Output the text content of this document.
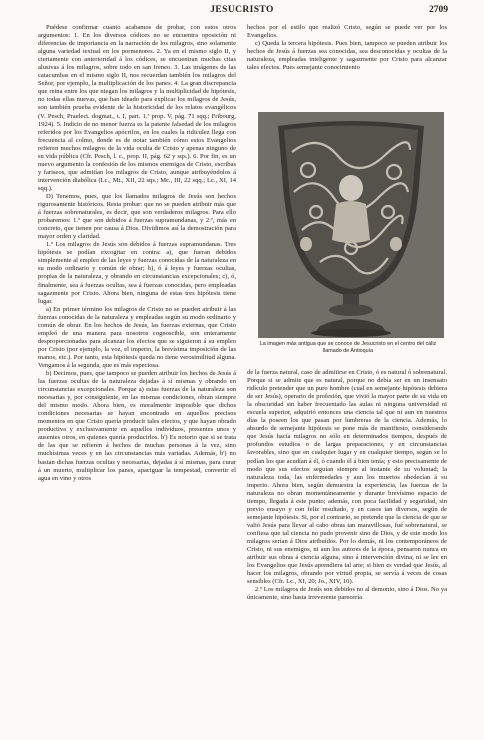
JESUCRISTO	2709

Puédese confirmar cuanto acabamos de probar, con estos otros argumentos: 1. En los diversos códices no se encuentra oposición ni diferencias de importancia en la narración de los milagros, sino solamente alguna variedad textual en los pormenores. 2. Ya en el mismo siglo II, y ciertamente con anterioridad á los códices, se encuentran muchas citas alusivas á los milagros, sobre todo en san Ireneo. 3. Las imágenes de las catacumbas en el mismo siglo II, nos recuerdan también los milagros del Señor, por ejemplo, la multiplicación de los panes. 4. La gran discrepancia que reina entre los que niegan los milagros y la multiplicidad de hipótesis, no todas ellas nuevas, que han ideado para explicar los milagros de Jesús, son también prueba evidente de la historicidad de los relatos evangélicos (V. Pesch, Praelect. dogmat., t. I, part. 1.ª prop. V, pág. 71 sqq.; Fribourg, 1924). 5. Indicio de no menor fuerza es la patente falsedad de los milagros referidos por los Evangelios apócrifos, en los cuales la ridiculez llega con frecuencia al colmo, donde es de notar también cómo estos Evangelios refieren muchos milagros de la vida oculta de Cristo y apenas ninguno de su vida pública (Cfr. Pesch, l. c., prop. II, pág. 62 y sqs.). 6. Por fin, es un nuevo argumento la confesión de los mismos enemigos de Cristo, escribas y fariseos, que admitían los milagros de Cristo, aunque atribuyéndolos á intervención diabólica (Lc., Mt., XII, 22 sqs.; Mc., III, 22 sqq.; Lc., XI, 14 sqq.).

D) Tenemos, pues, que los llamados milagros de Jesús son hechos rigurosamente históricos. Resta probar: que no se pueden atribuir más que á fuerzas sobrenaturales, es decir, que son verdaderos milagros. Para ello probaremos: 1.º que son debidos á fuerzas supramundanas, y 2.º, más en concreto, que tienen por causa á Dios. Dividimos así la demostración para mayor orden y claridad.

1.º Los milagros de Jesús son debidos á fuerzas supramundanas. Tres hipótesis se podían excogitar en contra: a), que fueran debidos simplemente al empleo de las leyes y fuerzas conocidas de la naturaleza en su modo ordinario y común de obrar; b), ó á leyes y fuerzas ocultas, propias de la naturaleza, y obrando en circunstancias excepcionales; c), ó, finalmente, sea á fuerzas ocultas, sea á fuerzas conocidas, pero empleadas sagazmente por Cristo. Ahora bien, ninguna de estas tres hipótesis tiene lugar.

a) En primer término los milagros de Cristo no se pueden atribuir á las fuerzas conocidas de la naturaleza y empleadas según su modo ordinario y común de obrar. En los hechos de Jesús, las fuerzas externas, que Cristo empleó de una manera para nosotros cognoscible, son enteramente desproporcionadas para alcanzar los efectos que se siguieron á su empleo por Cristo (por ejemplo, la voz, el imperio, la brevísima imposición de las manos, etc.). Por tanto, esta hipótesis queda no tiene verosimilitud alguna. Vengamos á la segunda, que es más especiosa.

b) Decimos, pues, que tampoco se pueden atribuir los hechos de Jesús á las fuerzas ocultas de la naturaleza dejadas á sí mismas y obrando en circunstancias excepcionales. Porque a) estas fuerzas de la naturaleza son necesarias y, por consiguiente, en las mismas condiciones, obran siempre del mismo modo. Ahora bien, es moralmente imposible que dichos condiciones necesarias se hayan encontrado en aquellos precisos momentos en que Cristo quería producir tales efectos, y que hayan obrado productiva y exclusivamente en aquellos individuos, presentes unos y ausentes otros, en quienes quería producirlos. b') Es notorio que si se trata de las que se refieren á hechos de muchas personas á la vez, sino muchísimas veces y en las circunstancias más variadas. Además, b') no bastan dichas fuerzas ocultas y necesarias, dejadas á sí mismas, para curar á un muerto, multiplicar los panes, apaciguar la tempestad, convertir el agua en vino y otros

hechos por el estilo que realizó Cristo, según se puede ver por los Evangelios.

c) Queda la tercera hipótesis. Pues bien, tampoco se pueden atribuir los hechos de Jesús á fuerzas sea conocidas, sea desconocidas y ocultas de la naturaleza, empleadas inteligente y sagazmente por Cristo para alcanzar tales efectos. Pues semejante conocimiento

La imagen más antigua que se conoce de Jesucristo en el centro del cáliz llamado de Antioquía

de la fuerza natural, caso de admitirse en Cristo, ó es natural ó sobrenatural. Porque si se admite que es natural, porque no debía ser en un insensato ridículo pretender que un puro hombre (cual en semejante hipótesis debiera de ser Jesús), operario de profesión, que vivió la mayor parte de su vida en la obscuridad sin haber frecuentado las aulas ni ninguna universidad ni escuela superior, adquirió entonces una ciencia tal que ni aun en nuestros días la poseen los que pasan por lumbreras de la ciencia. Además, lo absurdo de semejante hipótesis se pone más de manifiesto, considerando que Jesús hacía milagros no sólo en determinados tiempos, después de profundos estudios o de largas preparaciones, y en circunstancias favorables, sino que en cualquier lugar y en cualquier tiempo, según se lo pedían los que acudían á él, ó cuando él á bien tenía; y esto precisamente de modo que sus efectos seguían siempre al instante de su voluntad; la naturaleza toda, las enfermedades y aun los muertos obedecían á su imperio. Ahora bien, según demuestra la experiencia, las fuerzas de la naturaleza no obran momentáneamente y durante brevísimo espacio de tiempo, llegada á este punto; además, con poca facilidad y seguridad, sin previo ensayo y con feliz resultado, y en casos tan diversos, según de semejante hipótesis. Si, por el contrario, se pretende que la ciencia de que se valió Jesús para llevar al cabo obras tan maravillosas, fué sobrenatural, se confiesa que tal ciencia no pudo provenir sino de Dios, y de este modo los milagros serían á Dios atribuídos. Por lo demás, ni los contemporáneos de Cristo, ni sus enemigos, ni aun los autores de la época, pensaron nunca en atribuir sus obras á ciencia alguna, sino á intervención divina; ni se lee en los Evangelios que Jesús aprendiera tal arte; si bien es verdad que Jesús, al hacer los milagros, obrando por virtud propia, se servía á veces de cosas sensibles (Cfr. Lc., XI, 20; Jo., XIV, 10).

2.º Los milagros de Jesús son debidos no al demonio, sino á Dios. No ya únicamente, sino hasta irreverente parecería
